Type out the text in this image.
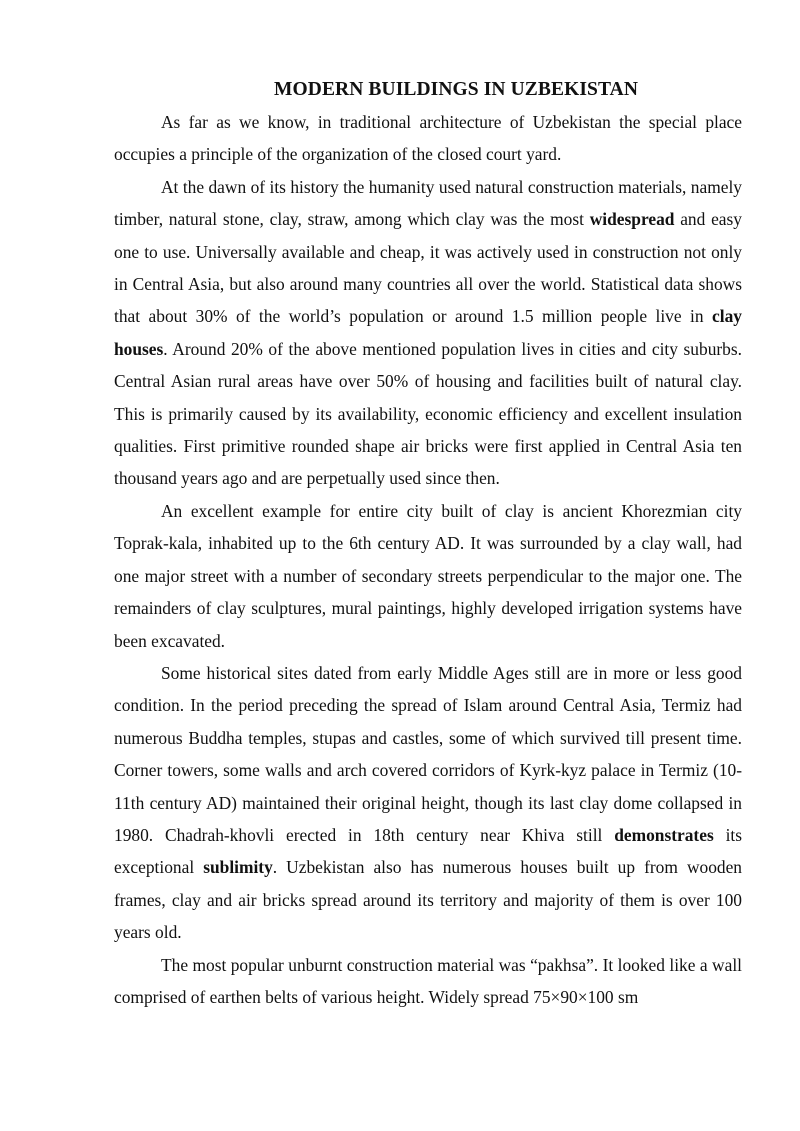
MODERN BUILDINGS IN UZBEKISTAN

As far as we know, in traditional architecture of Uzbekistan the special place occupies a principle of the organization of the closed court yard.

At the dawn of its history the humanity used natural construction materials, namely timber, natural stone, clay, straw, among which clay was the most widespread and easy one to use. Universally available and cheap, it was actively used in construction not only in Central Asia, but also around many countries all over the world. Statistical data shows that about 30% of the world’s population or around 1.5 million people live in clay houses. Around 20% of the above mentioned population lives in cities and city suburbs. Central Asian rural areas have over 50% of housing and facilities built of natural clay. This is primarily caused by its availability, economic efficiency and excellent insulation qualities. First primitive rounded shape air bricks were first applied in Central Asia ten thousand years ago and are perpetually used since then.

An excellent example for entire city built of clay is ancient Khorezmian city Toprak-kala, inhabited up to the 6th century AD. It was surrounded by a clay wall, had one major street with a number of secondary streets perpendicular to the major one. The remainders of clay sculptures, mural paintings, highly developed irrigation systems have been excavated.

Some historical sites dated from early Middle Ages still are in more or less good condition. In the period preceding the spread of Islam around Central Asia, Termiz had numerous Buddha temples, stupas and castles, some of which survived till present time. Corner towers, some walls and arch covered corridors of Kyrk-kyz palace in Termiz (10-11th century AD) maintained their original height, though its last clay dome collapsed in 1980. Chadrah-khovli erected in 18th century near Khiva still demonstrates its exceptional sublimity. Uzbekistan also has numerous houses built up from wooden frames, clay and air bricks spread around its territory and majority of them is over 100 years old.

The most popular unburnt construction material was “pakhsa”. It looked like a wall comprised of earthen belts of various height. Widely spread 75×90×100 sm
